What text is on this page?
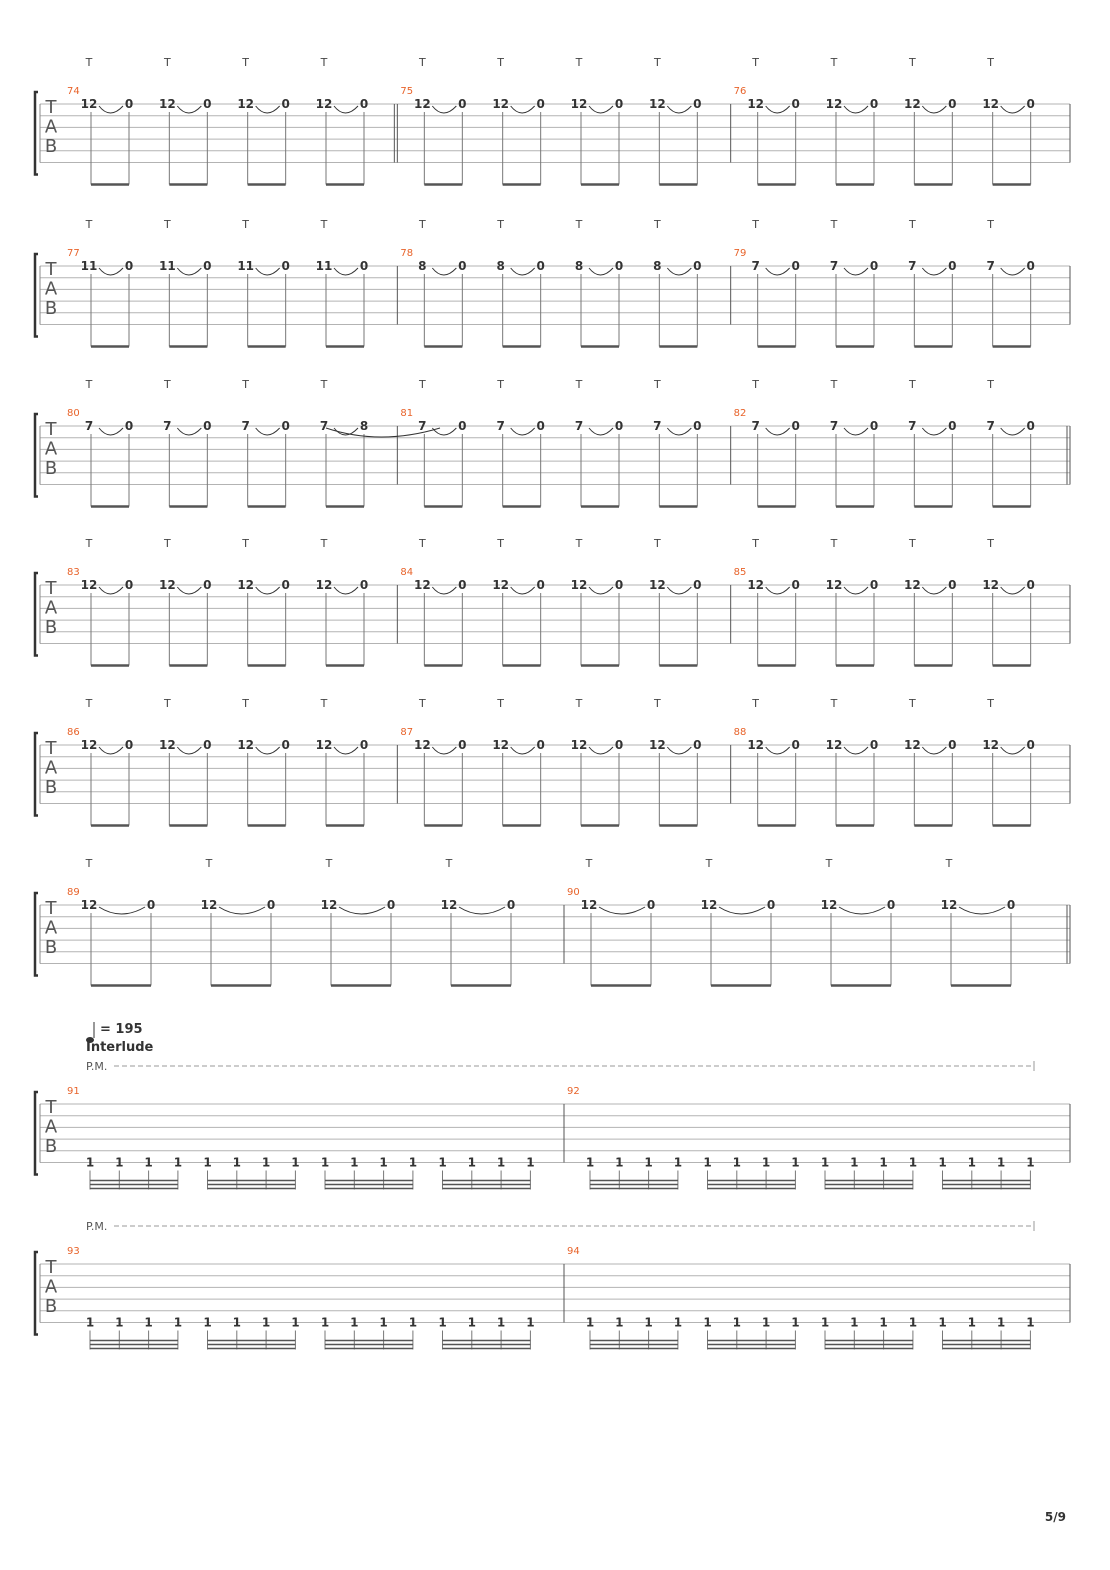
T
A
B
74
T
12 0
T
12 0
T
12 0
T
12 0
75
T
12 0
T
12 0
T
12 0
T
12 0
76
T
12 0
T
12 0
T
12 0
T
12 0
T
A
B
77
T
11 0
T
11 0
T
11 0
T
11 0
78
T
8	0
T
8	0
T
8	0
T
8	0
79
T
7	0
T
7	0
T
7	0
T
7	0
T
A
B
80
T
7	0
T
7	0
T
7	0
T
7	8
81
T
7	0
T
7	0
T
7	0
T
7	0
82
T
7	0
T
7	0
T
7	0
T
7	0
T
A
B
83
T
12 0
T
12 0
T
12 0
T
12 0
84
T
12 0
T
12 0
T
12 0
T
12 0
85
T
12 0
T
12 0
T
12 0
T
12 0
T
A
B
86
T
12 0
T
12 0
T
12 0
T
12 0
87
T
12 0
T
12 0
T
12 0
T
12 0
88
T
12 0
T
12 0
T
12 0
T
12 0
T
A
B
89
T
12	0
T
12	0
T
12	0
T
12	0
90
T
12	0
T
12	0
T
12	0
T
12	0
T
A
B
P.M.
91
1 1 1 1 1 1 1 1 1 1 1 1 1 1 1 1
92
1 1 1 1 1 1 1 1 1 1 1 1 1 1 1 1
T
A
B
P.M.
93
1 1 1 1 1 1 1 1 1 1 1 1 1 1 1 1
94
1 1 1 1 1 1 1 1 1 1 1 1 1 1 1 1
= 195
Interlude
5/9
